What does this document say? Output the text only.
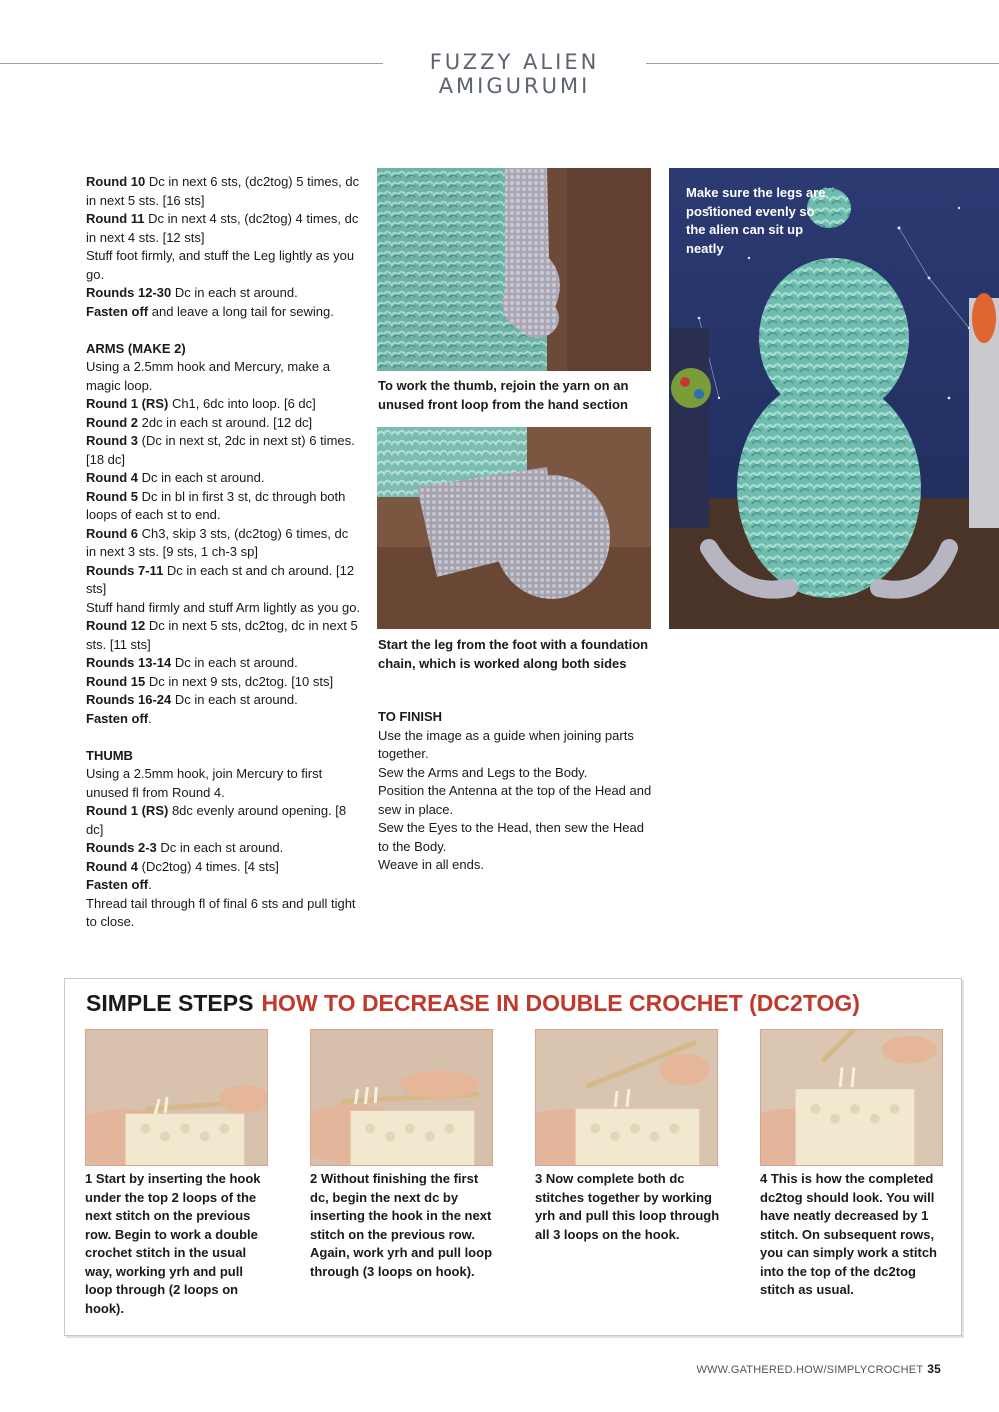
FUZZY ALIEN AMIGURUMI

Round 10 Dc in next 6 sts, (dc2tog) 5 times, dc in next 5 sts. [16 sts]

Round 11 Dc in next 4 sts, (dc2tog) 4 times, dc in next 4 sts. [12 sts]

Stuff foot firmly, and stuff the Leg lightly as you go.

Rounds 12-30 Dc in each st around.

Fasten off and leave a long tail for sewing.

ARMS (MAKE 2)

Using a 2.5mm hook and Mercury, make a magic loop.

Round 1 (RS) Ch1, 6dc into loop. [6 dc]

Round 2 2dc in each st around. [12 dc]

Round 3 (Dc in next st, 2dc in next st) 6 times. [18 dc]

Round 4 Dc in each st around.

Round 5 Dc in bl in first 3 st, dc through both loops of each st to end.

Round 6 Ch3, skip 3 sts, (dc2tog) 6 times, dc in next 3 sts. [9 sts, 1 ch-3 sp]

Rounds 7-11 Dc in each st and ch around. [12 sts]

Stuff hand firmly and stuff Arm lightly as you go.

Round 12 Dc in next 5 sts, dc2tog, dc in next 5 sts. [11 sts]

Rounds 13-14 Dc in each st around.

Round 15 Dc in next 9 sts, dc2tog. [10 sts]

Rounds 16-24 Dc in each st around.

Fasten off.

THUMB

Using a 2.5mm hook, join Mercury to first unused fl from Round 4.

Round 1 (RS) 8dc evenly around opening. [8 dc]

Rounds 2-3 Dc in each st around.

Round 4 (Dc2tog) 4 times. [4 sts]

Fasten off.

Thread tail through fl of final 6 sts and pull tight to close.

To work the thumb, rejoin the yarn on an unused front loop from the hand section
Start the leg from the foot with a foundation chain, which is worked along both sides
Make sure the legs are positioned evenly so the alien can sit up neatly

TO FINISH

Use the image as a guide when joining parts together.

Sew the Arms and Legs to the Body.

Position the Antenna at the top of the Head and sew in place.

Sew the Eyes to the Head, then sew the Head to the Body.

Weave in all ends.

SIMPLE STEPS HOW TO DECREASE IN DOUBLE CROCHET (DC2TOG)
1 Start by inserting the hook under the top 2 loops of the next stitch on the previous row. Begin to work a double crochet stitch in the usual way, working yrh and pull loop through (2 loops on hook).
2 Without finishing the first dc, begin the next dc by inserting the hook in the next stitch on the previous row. Again, work yrh and pull loop through (3 loops on hook).
3 Now complete both dc stitches together by working yrh and pull this loop through all 3 loops on the hook.
4 This is how the completed dc2tog should look. You will have neatly decreased by 1 stitch. On subsequent rows, you can simply work a stitch into the top of the dc2tog stitch as usual.
WWW.GATHERED.HOW/SIMPLYCROCHET 35
